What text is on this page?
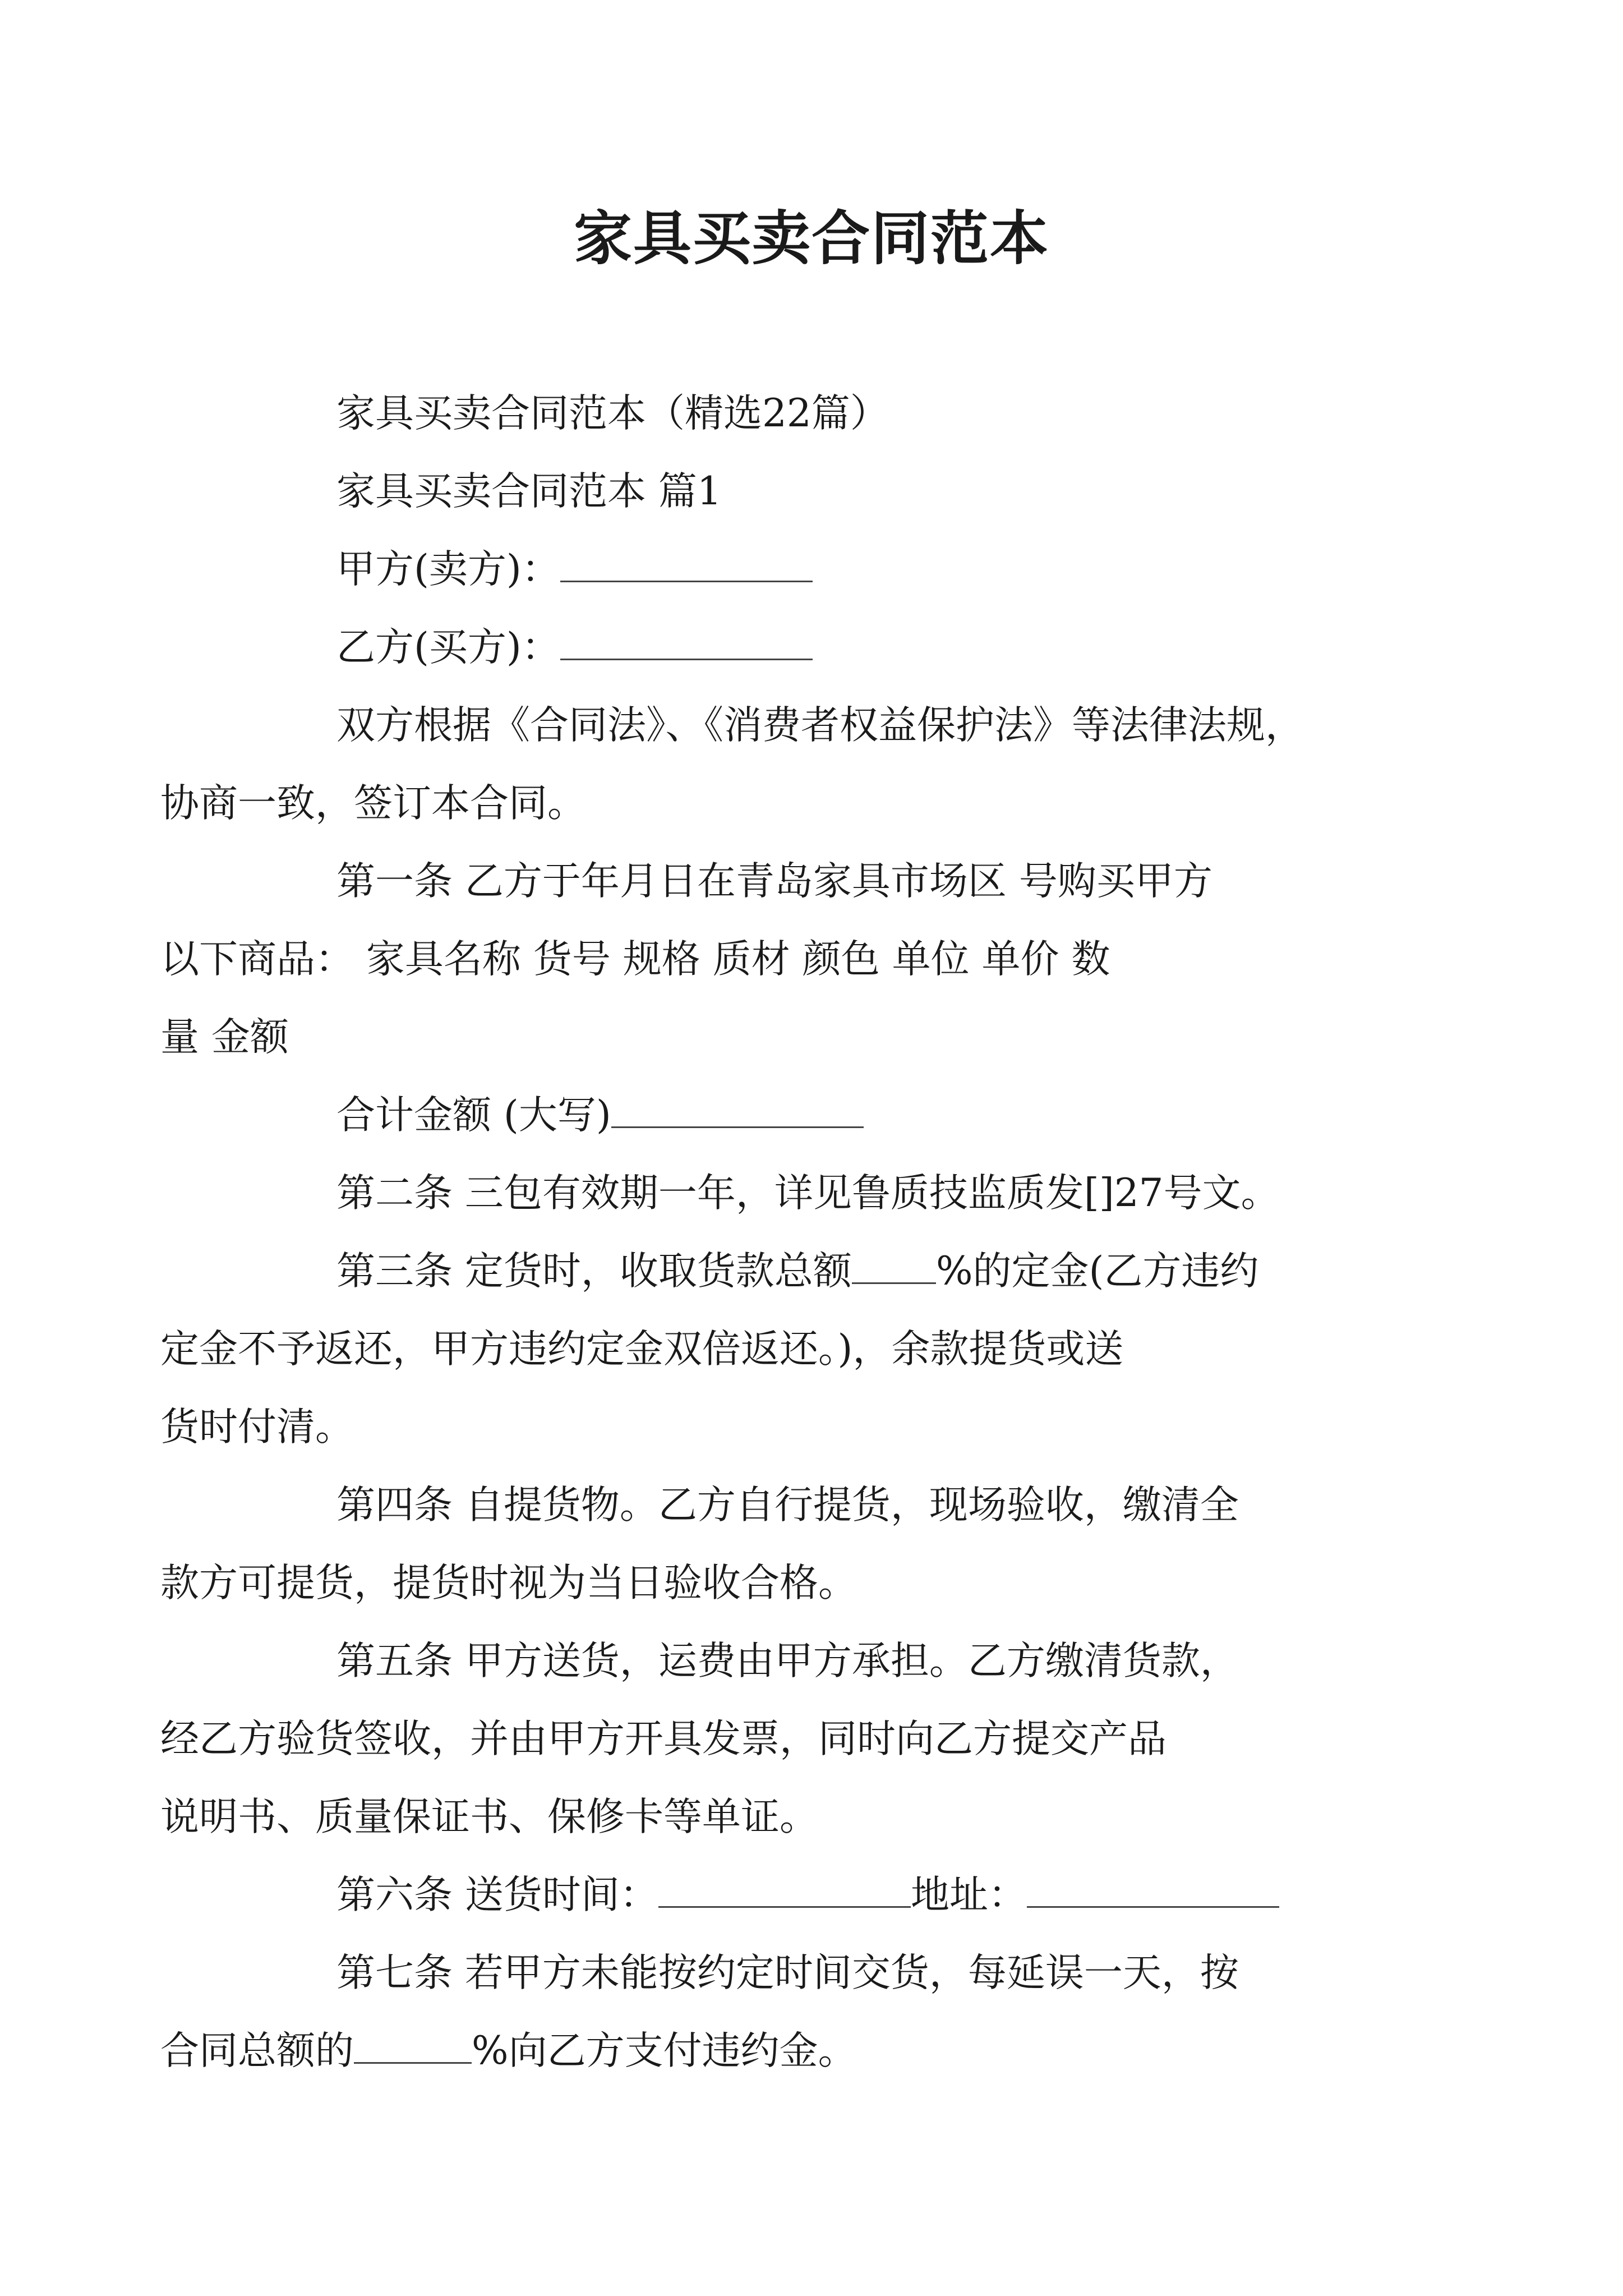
家具买卖合同范本

家具买卖合同范本（精选22篇）

家具买卖合同范本 篇1

甲方(卖方)：

乙方(买方)：

双方根据《合同法》、《消费者权益保护法》等法律法规，
协商一致，签订本合同。

第一条 乙方于年月日在青岛家具市场区 号购买甲方
以下商品： 家具名称 货号 规格 质材 颜色 单位 单价 数
量 金额

合计金额 (大写)

第二条 三包有效期一年，详见鲁质技监质发[]27号文。

第三条 定货时，收取货款总额 %的定金(乙方违约
定金不予返还，甲方违约定金双倍返还。)，余款提货或送
货时付清。

第四条 自提货物。乙方自行提货，现场验收，缴清全
款方可提货，提货时视为当日验收合格。

第五条 甲方送货，运费由甲方承担。乙方缴清货款，
经乙方验货签收，并由甲方开具发票，同时向乙方提交产品
说明书、质量保证书、保修卡等单证。

第六条 送货时间：	地址：

第七条 若甲方未能按约定时间交货，每延误一天，按
合同总额的	%向乙方支付违约金。
